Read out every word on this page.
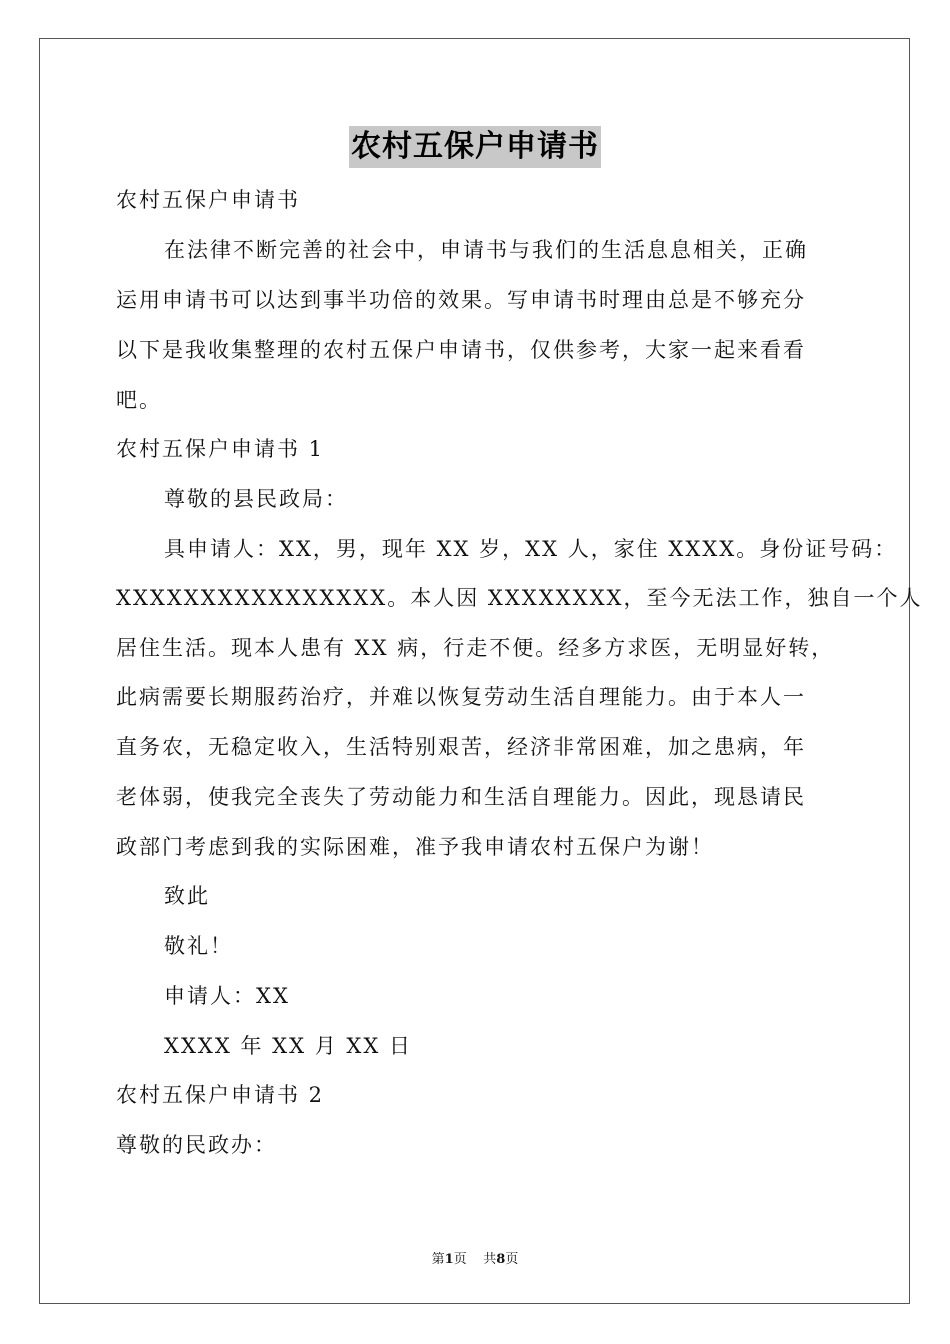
农村五保户申请书
农村五保户申请书
在法律不断完善的社会中，申请书与我们的生活息息相关，正确
运用申请书可以达到事半功倍的效果。写申请书时理由总是不够充分
以下是我收集整理的农村五保户申请书，仅供参考，大家一起来看看
吧。
农村五保户申请书 1
尊敬的县民政局：
具申请人：XX，男，现年 XX 岁，XX 人，家住 XXXX。身份证号码：
XXXXXXXXXXXXXXXX。本人因 XXXXXXXX，至今无法工作，独自一个人
居住生活。现本人患有 XX 病，行走不便。经多方求医，无明显好转，
此病需要长期服药治疗，并难以恢复劳动生活自理能力。由于本人一
直务农，无稳定收入，生活特别艰苦，经济非常困难，加之患病，年
老体弱，使我完全丧失了劳动能力和生活自理能力。因此，现恳请民
政部门考虑到我的实际困难，准予我申请农村五保户为谢！
致此
敬礼！
申请人：XX
XXXX 年 XX 月 XX 日
农村五保户申请书 2
尊敬的民政办：
第1页 共8页
